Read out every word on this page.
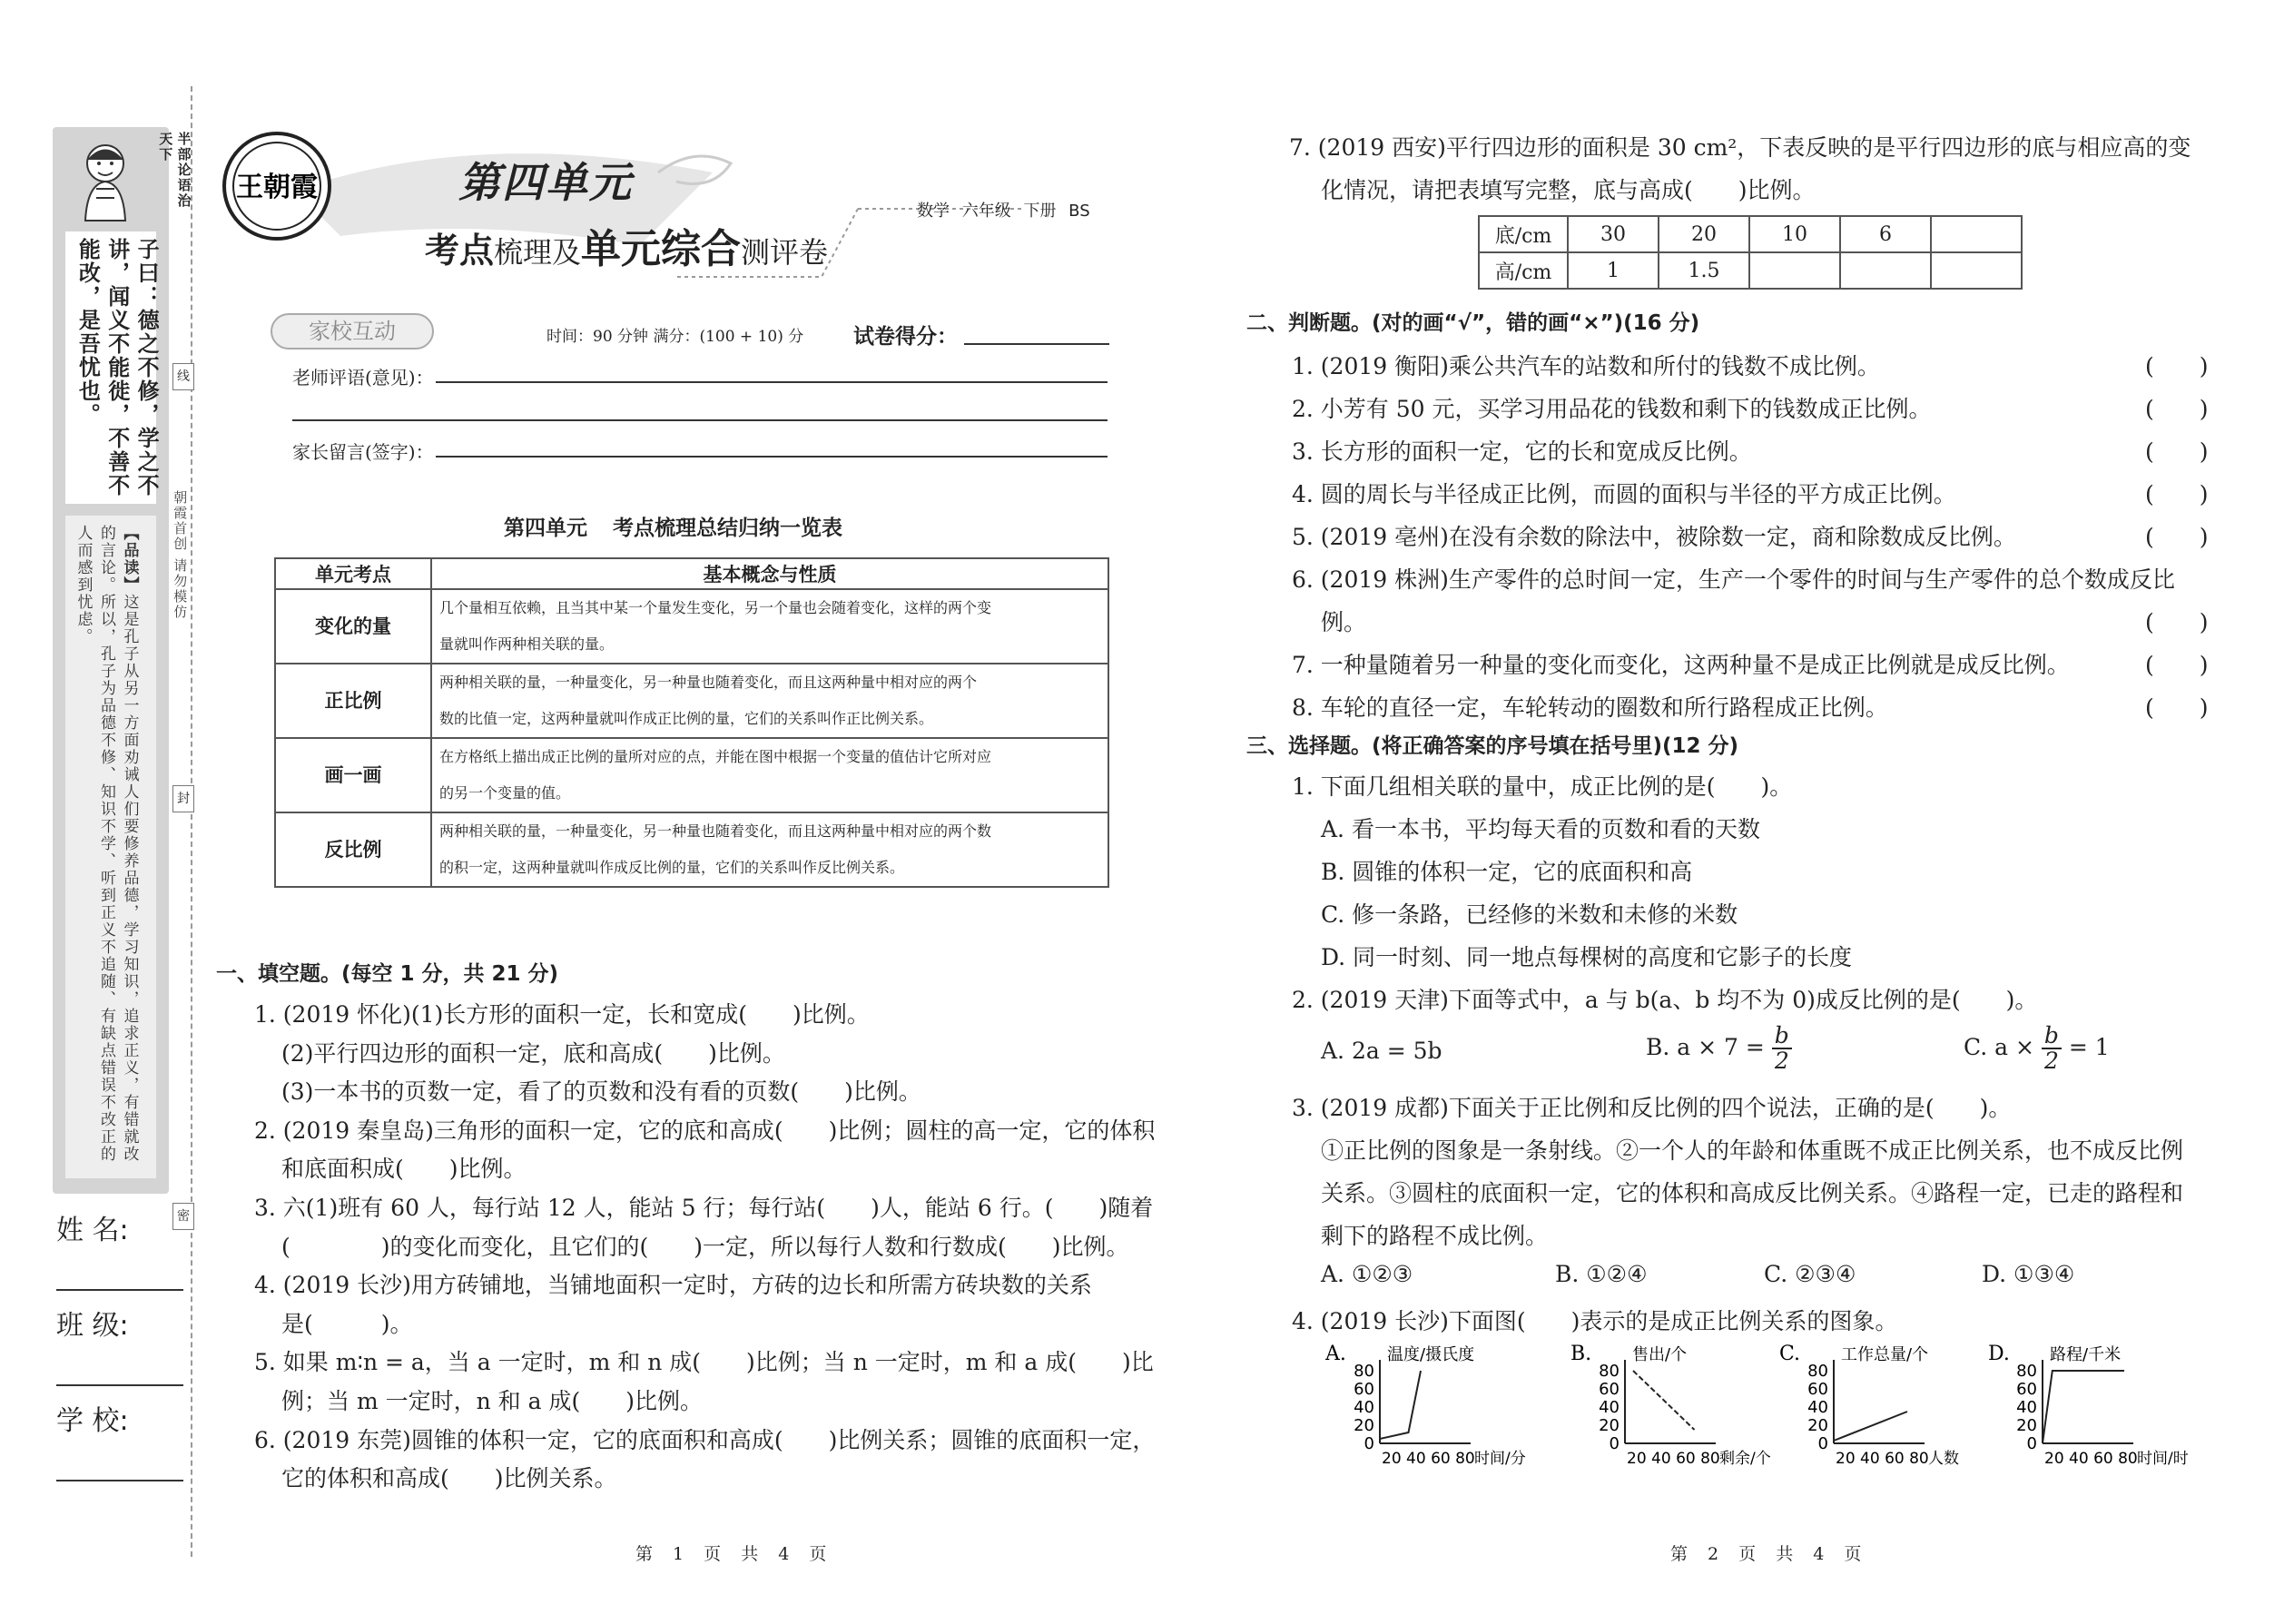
半部论语治天下
子曰：德之不修，学之不讲，闻义不能徙，不善不能改，是吾忧也。
【品读】这是孔子从另一方面劝诫人们要修养品德，学习知识，追求正义，有错就改的言论。所以，孔子为品德不修、知识不学、听到正义不追随、有缺点错误不改正的人而感到忧虑。
线
封
密
朝霞首创 请勿模仿
姓 名:
班 级:
学 校:
王朝霞	第四单元
考点梳理及单元综合测评卷
数学 六年级 下册 BS
家校互动	时间：90 分钟 满分：(100 + 10) 分 试卷得分：
老师评语(意见)：
家长留言(签字)：
第四单元 考点梳理总结归纳一览表
单元考点	基本概念与性质
变化的量	几个量相互依赖，且当其中某一个量发生变化，另一个量也会随着变化，这样的两个变
量就叫作两种相关联的量。

正比例	两种相关联的量，一种量变化，另一种量也随着变化，而且这两种量中相对应的两个
数的比值一定，这两种量就叫作成正比例的量，它们的关系叫作正比例关系。

画一画	在方格纸上描出成正比例的量所对应的点，并能在图中根据一个变量的值估计它所对应
的另一个变量的值。

反比例	两种相关联的量，一种量变化，另一种量也随着变化，而且这两种量中相对应的两个数
的积一定，这两种量就叫作成反比例的量，它们的关系叫作反比例关系。
一、填空题。(每空 1 分，共 21 分)
1. (2019 怀化)(1)长方形的面积一定，长和宽成(　　)比例。
(2)平行四边形的面积一定，底和高成(　　)比例。
(3)一本书的页数一定，看了的页数和没有看的页数(　　)比例。
2. (2019 秦皇岛)三角形的面积一定，它的底和高成(　　)比例；圆柱的高一定，它的体积
和底面积成(　　)比例。
3. 六(1)班有 60 人，每行站 12 人，能站 5 行；每行站(　　)人，能站 6 行。(　　)随着
(　　　　)的变化而变化，且它们的(　　)一定，所以每行人数和行数成(　　)比例。
4. (2019 长沙)用方砖铺地，当铺地面积一定时，方砖的边长和所需方砖块数的关系
是(　　　)。
5. 如果 m∶n = a，当 a 一定时，m 和 n 成(　　)比例；当 n 一定时，m 和 a 成(　　)比
例；当 m 一定时，n 和 a 成(　　)比例。
6. (2019 东莞)圆锥的体积一定，它的底面积和高成(　　)比例关系；圆锥的底面积一定，
它的体积和高成(　　)比例关系。
7. (2019 西安)平行四边形的面积是 30 cm²，下表反映的是平行四边形的底与相应高的变
化情况，请把表填写完整，底与高成(　　)比例。
底/cm	30	20	10	6	
高/cm	1	1.5			
二、判断题。(对的画“√”，错的画“×”)(16 分)
1. (2019 衡阳)乘公共汽车的站数和所付的钱数不成比例。	(　　)
2. 小芳有 50 元，买学习用品花的钱数和剩下的钱数成正比例。	(　　)
3. 长方形的面积一定，它的长和宽成反比例。	(　　)
4. 圆的周长与半径成正比例，而圆的面积与半径的平方成正比例。	(　　)
5. (2019 亳州)在没有余数的除法中，被除数一定，商和除数成反比例。	(　　)
6. (2019 株洲)生产零件的总时间一定，生产一个零件的时间与生产零件的总个数成反比
例。	(　　)
7. 一种量随着另一种量的变化而变化，这两种量不是成正比例就是成反比例。	(　　)
8. 车轮的直径一定，车轮转动的圈数和所行路程成正比例。	(　　)
三、选择题。(将正确答案的序号填在括号里)(12 分)
1. 下面几组相关联的量中，成正比例的是(　　)。
A. 看一本书，平均每天看的页数和看的天数
B. 圆锥的体积一定，它的底面积和高
C. 修一条路，已经修的米数和未修的米数
D. 同一时刻、同一地点每棵树的高度和它影子的长度
2. (2019 天津)下面等式中，a 与 b(a、b 均不为 0)成反比例的是(　　)。
A. 2a = 5b	B. $a \times 7 = \frac{b}{2}$	C. $a \times \frac{b}{2} = 1$
3. (2019 成都)下面关于正比例和反比例的四个说法，正确的是(　　)。
①正比例的图象是一条射线。②一个人的年龄和体重既不成正比例关系，也不成反比例
关系。③圆柱的底面积一定，它的体积和高成反比例关系。④路程一定，已走的路程和
剩下的路程不成比例。
A. ①②③	B. ①②④	C. ②③④	D. ①③④
4. (2019 长沙)下面图(　　)表示的是成正比例关系的图象。
A.	温度/摄氏度
80
60
40
20
0
20 40 60 80 时间/分
B. 售出/个
80
60
40
20
0
20 40 60 80 剩余/个
C. 工作总量/个
80
60
40
20
0
20 40 60 80 人数
D. 路程/千米
80
60
40
20
0
20 40 60 80 时间/时
第 1 页 共 4 页	第 2 页 共 4 页
